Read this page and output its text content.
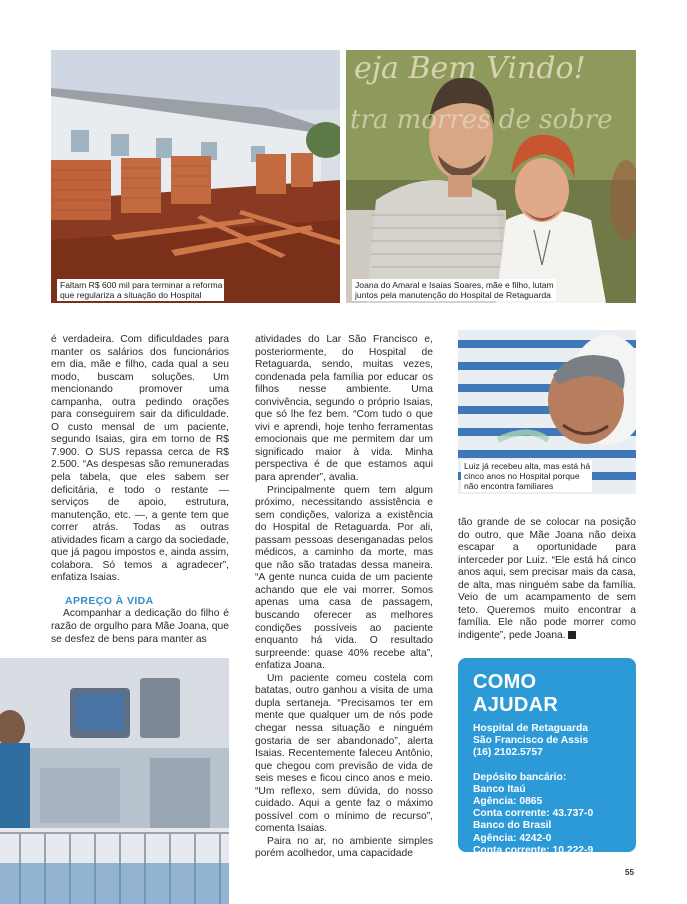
Faltam R$ 600 mil para terminar a reforma
que regulariza a situação do Hospital
eja Bem Vindo!
tra morres de sobre
Joana do Amaral e Isaias Soares, mãe e filho, lutam
juntos pela manutenção do Hospital de Retaguarda
Luiz já recebeu alta, mas está há
cinco anos no Hospital porque
não encontra familiares

é verdadeira. Com dificuldades para manter os salários dos funcionários em dia, mãe e filho, cada qual a seu modo, buscam soluções. Um mencionando promover uma campanha, outra pedindo orações para conseguirem sair da dificuldade. O custo mensal de um paciente, segundo Isaias, gira em torno de R$ 7.900. O SUS repassa cerca de R$ 2.500. “As despesas são remuneradas pela tabela, que eles sabem ser deficitária, e todo o restante — serviços de apoio, estrutura, manutenção, etc. —, a gente tem que correr atrás. Todas as outras atividades ficam a cargo da sociedade, que já pagou impostos e, ainda assim, colabora. Só temos a agradecer”, enfatiza Isaias.

APREÇO À VIDA

Acompanhar a dedicação do filho é razão de orgulho para Mãe Joana, que se desfez de bens para manter as

atividades do Lar São Francisco e, posteriormente, do Hospital de Retaguarda, sendo, muitas vezes, condenada pela família por educar os filhos nesse ambiente. Uma convivência, segundo o próprio Isaias, que só lhe fez bem. “Com tudo o que vivi e aprendi, hoje tenho ferramentas emocionais que me permitem dar um significado maior à vida. Minha perspectiva é de que estamos aqui para aprender”, avalia.

Principalmente quem tem algum próximo, necessitando assistência e sem condições, valoriza a existência do Hospital de Retaguarda. Por ali, passam pessoas desenganadas pelos médicos, a caminho da morte, mas que não são tratadas dessa maneira. “A gente nunca cuida de um paciente achando que ele vai morrer. Somos apenas uma casa de passagem, buscando oferecer as melhores condições possíveis ao paciente enquanto há vida. O resultado surpreende: quase 40% recebe alta”, enfatiza Joana.

Um paciente comeu costela com batatas, outro ganhou a visita de uma dupla sertaneja. “Precisamos ter em mente que qualquer um de nós pode chegar nessa situação e ninguém gostaria de ser abandonado”, alerta Isaias. Recentemente faleceu Antônio, que chegou com previsão de vida de seis meses e ficou cinco anos e meio. “Um reflexo, sem dúvida, do nosso cuidado. Aqui a gente faz o máximo possível com o mínimo de recurso”, comenta Isaias.

Paira no ar, no ambiente simples porém acolhedor, uma capacidade

tão grande de se colocar na posição do outro, que Mãe Joana não deixa escapar a oportunidade para interceder por Luiz. “Ele está há cinco anos aqui, sem precisar mais da casa, de alta, mas ninguém sabe da família. Veio de um acampamento de sem teto. Queremos muito encontrar a família. Ele não pode morrer como indigente”, pede Joana.

COMO AJUDAR
Hospital de Retaguarda
São Francisco de Assis
(16) 2102.5757
Depósito bancário:
Banco Itaú
Agência: 0865
Conta corrente: 43.737-0
Banco do Brasil
Agência: 4242-0
Conta corrente: 10.222-9
55
